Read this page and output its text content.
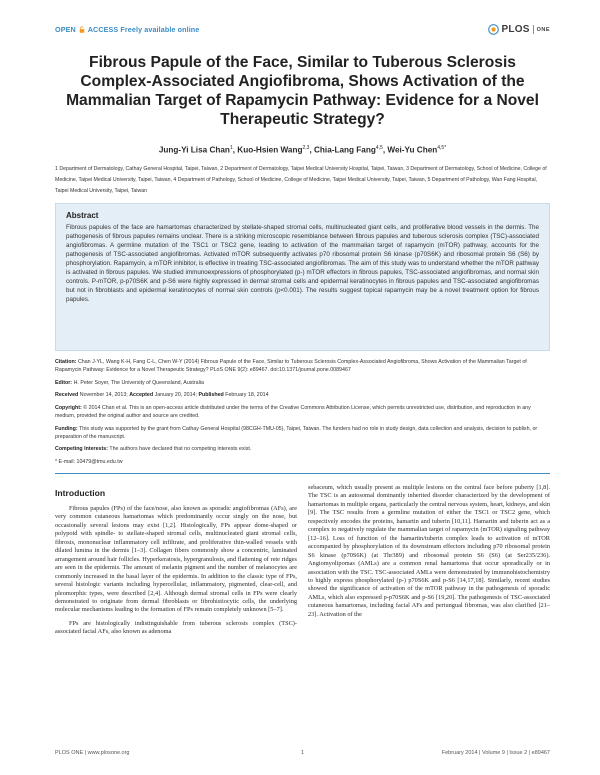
OPEN ACCESS Freely available online	PLOS ONE
Fibrous Papule of the Face, Similar to Tuberous Sclerosis Complex-Associated Angiofibroma, Shows Activation of the Mammalian Target of Rapamycin Pathway: Evidence for a Novel Therapeutic Strategy?
Jung-Yi Lisa Chan$^1$, Kuo-Hsien Wang$^{2,3}$, Chia-Lang Fang$^{4,5}$, Wei-Yu Chen$^{4,5*}$
1 Department of Dermatology, Cathay General Hospital, Taipei, Taiwan, 2 Department of Dermatology, Taipei Medical University Hospital, Taipei, Taiwan, 3 Department of Dermatology, School of Medicine, College of Medicine, Taipei Medical University, Taipei, Taiwan, 4 Department of Pathology, School of Medicine, College of Medicine, Taipei Medical University, Taipei, Taiwan, 5 Department of Pathology, Wan Fang Hospital, Taipei Medical University, Taipei, Taiwan
Abstract
Fibrous papules of the face are hamartomas characterized by stellate-shaped stromal cells, multinucleated giant cells, and proliferative blood vessels in the dermis. The pathogenesis of fibrous papules remains unclear. There is a striking microscopic resemblance between fibrous papules and tuberous sclerosis complex (TSC)-associated angiofibromas. A germline mutation of the TSC1 or TSC2 gene, leading to activation of the mammalian target of rapamycin (mTOR) pathway, accounts for the pathogenesis of TSC-associated angiofibromas. Activated mTOR subsequently activates p70 ribosomal protein S6 kinase (p70S6K) and ribosomal protein S6 (S6) by phosphorylation. Rapamycin, a mTOR inhibitor, is effective in treating TSC-associated angiofibromas. The aim of this study was to understand whether the mTOR pathway is activated in fibrous papules. We studied immunoexpressions of phosphorylated (p-) mTOR effectors in fibrous papules, TSC-associated angiofibromas, and normal skin controls. P-mTOR, p-p70S6K and p-S6 were highly expressed in dermal stromal cells and epidermal keratinocytes in fibrous papules and TSC-associated angiofibromas but not in fibroblasts and epidermal keratinocytes of normal skin controls (p<0.001). The results suggest topical rapamycin may be a novel treatment option for fibrous papules.
Citation: Chan J-YL, Wang K-H, Fang C-L, Chen W-Y (2014) Fibrous Papule of the Face, Similar to Tuberous Sclerosis Complex-Associated Angiofibroma, Shows Activation of the Mammalian Target of Rapamycin Pathway: Evidence for a Novel Therapeutic Strategy? PLoS ONE 9(2): e89467. doi:10.1371/journal.pone.0089467
Editor: H. Peter Soyer, The University of Queensland, Australia
Received November 14, 2013; Accepted January 20, 2014; Published February 18, 2014
Copyright: © 2014 Chan et al. This is an open-access article distributed under the terms of the Creative Commons Attribution License, which permits unrestricted use, distribution, and reproduction in any medium, provided the original author and source are credited.
Funding: This study was supported by the grant from Cathay General Hospital (98CGH-TMU-05), Taipei, Taiwan. The funders had no role in study design, data collection and analysis, decision to publish, or preparation of the manuscript.
Competing Interests: The authors have declared that no competing interests exist.
* E-mail: 10479@tmu.edu.tw
Introduction

Fibrous papules (FPs) of the face/nose, also known as sporadic angiofibromas (AFs), are very common cutaneous hamartomas which predominantly occur singly on the nose, but occasionally several lesions may exist [1,2]. Histologically, FPs appear dome-shaped or polypoid with spindle- to stellate-shaped stromal cells, multinucleated giant stromal cells, fibrosis, mononuclear inflammatory cell infiltrate, and proliferative thin-walled vessels with dilated lumina in the dermis [1–3]. Collagen fibers commonly show a concentric, laminated arrangement around hair follicles. Hyperkeratosis, hypergranulosis, and flattening of rete ridges are seen in the epidermis. The amount of melanin pigment and the number of melanocytes are commonly increased in the basal layer of the epidermis. In addition to the classic type of FPs, several histologic variants including hypercellular, inflammatory, pigmented, clear-cell, and pleomorphic types, were described [2,4]. Although dermal stromal cells in FPs were clearly demonstrated to originate from dermal fibroblasts or fibrohistiocytic cells, the underlying molecular mechanisms leading to the formation of FPs remain completely unknown [5–7].

FPs are histologically indistinguishable from tuberous sclerosis complex (TSC)-associated facial AFs, also known as adenoma

sebaceum, which usually present as multiple lesions on the central face before puberty [1,8]. The TSC is an autosomal dominantly inherited disorder characterized by the development of hamartomas in multiple organs, particularly the central nervous system, heart, kidneys, and skin [9]. The TSC results from a germline mutation of either the TSC1 or TSC2 gene, which respectively encodes the proteins, hamartin and tuberin [10,11]. Hamartin and tuberin act as a complex to negatively regulate the mammalian target of rapamycin (mTOR) signaling pathway [12–16]. Loss of function of the hamartin/tuberin complex leads to activation of mTOR accompanied by phosphorylation of its downstream effectors including p70 ribosomal protein S6 kinase (p70S6K) (at Thr389) and ribosomal protein S6 (S6) (at Ser235/236). Angiomyolipomas (AMLs) are a common renal hamartoma that occur sporadically or in association with the TSC. TSC-associated AMLs were demonstrated by immunohistochemistry to highly express phosphorylated (p-) p70S6K and p-S6 [14,17,18]. Similarly, recent studies showed the significance of activation of the mTOR pathway in the pathogenesis of sporadic AMLs, which also expressed p-p70S6K and p-S6 [19,20]. The pathogenesis of TSC-associated cutaneous hamartomas, including facial AFs and periungual fibromas, was also clarified [21–23]. Activation of the

PLOS ONE | www.plosone.org	1	February 2014 | Volume 9 | Issue 2 | e89467
